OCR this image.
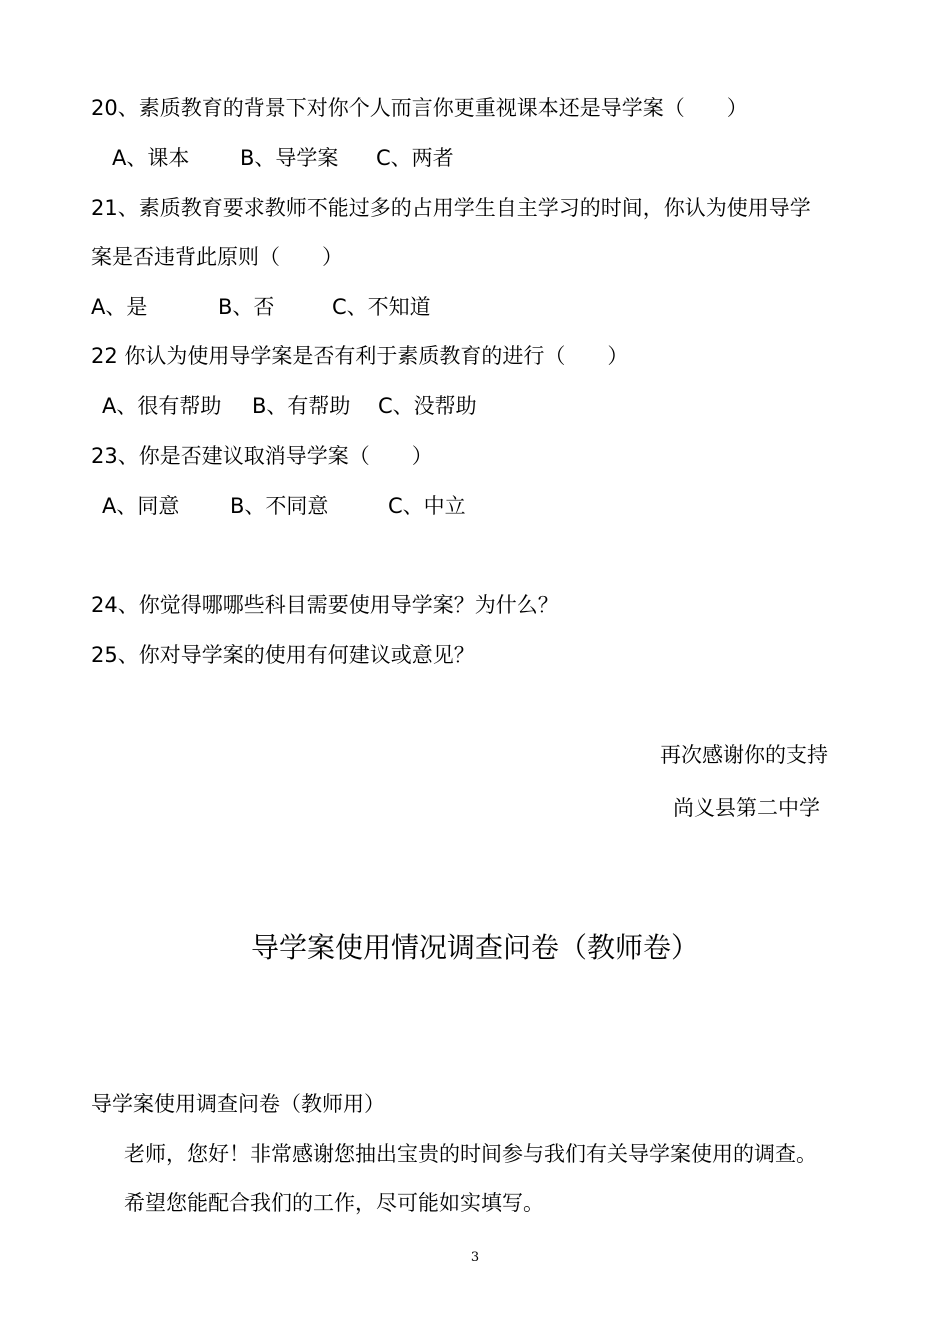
20、素质教育的背景下对你个人而言你更重视课本还是导学案（　　）
A、课本 B、导学案 C、两者
21、素质教育要求教师不能过多的占用学生自主学习的时间，你认为使用导学
案是否违背此原则（　　）
A、是	B、否	C、不知道
22 你认为使用导学案是否有利于素质教育的进行（　　）
A、很有帮助 B、有帮助 C、没帮助
23、你是否建议取消导学案（　　）
A、同意 B、不同意	C、中立
24、你觉得哪哪些科目需要使用导学案？为什么？
25、你对导学案的使用有何建议或意见？
再次感谢你的支持
尚义县第二中学
导学案使用情况调查问卷（教师卷）
导学案使用调查问卷（教师用）
老师，您好！非常感谢您抽出宝贵的时间参与我们有关导学案使用的调查。
希望您能配合我们的工作，尽可能如实填写。
3
